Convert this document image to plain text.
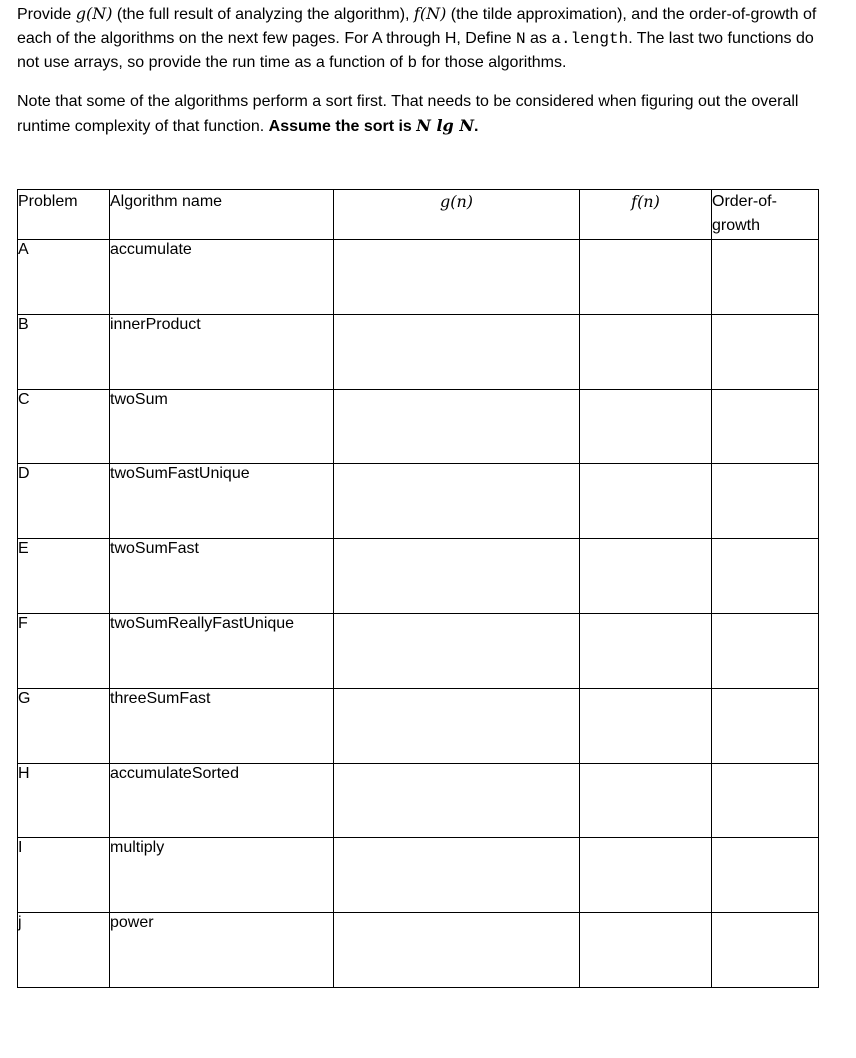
Provide g(N) (the full result of analyzing the algorithm), f(N) (the tilde approximation), and the order-of-growth of each of the algorithms on the next few pages. For A through H, Define N as a.length. The last two functions do not use arrays, so provide the run time as a function of b for those algorithms.

Note that some of the algorithms perform a sort first. That needs to be considered when figuring out the overall runtime complexity of that function. Assume the sort is N lg N.

Problem	Algorithm name	g(n)	f(n)	Order-of-growth
A	accumulate			
B	innerProduct			
C	twoSum			
D	twoSumFastUnique			
E	twoSumFast			
F	twoSumReallyFastUnique			
G	threeSumFast			
H	accumulateSorted			
I	multiply			
j	power			
